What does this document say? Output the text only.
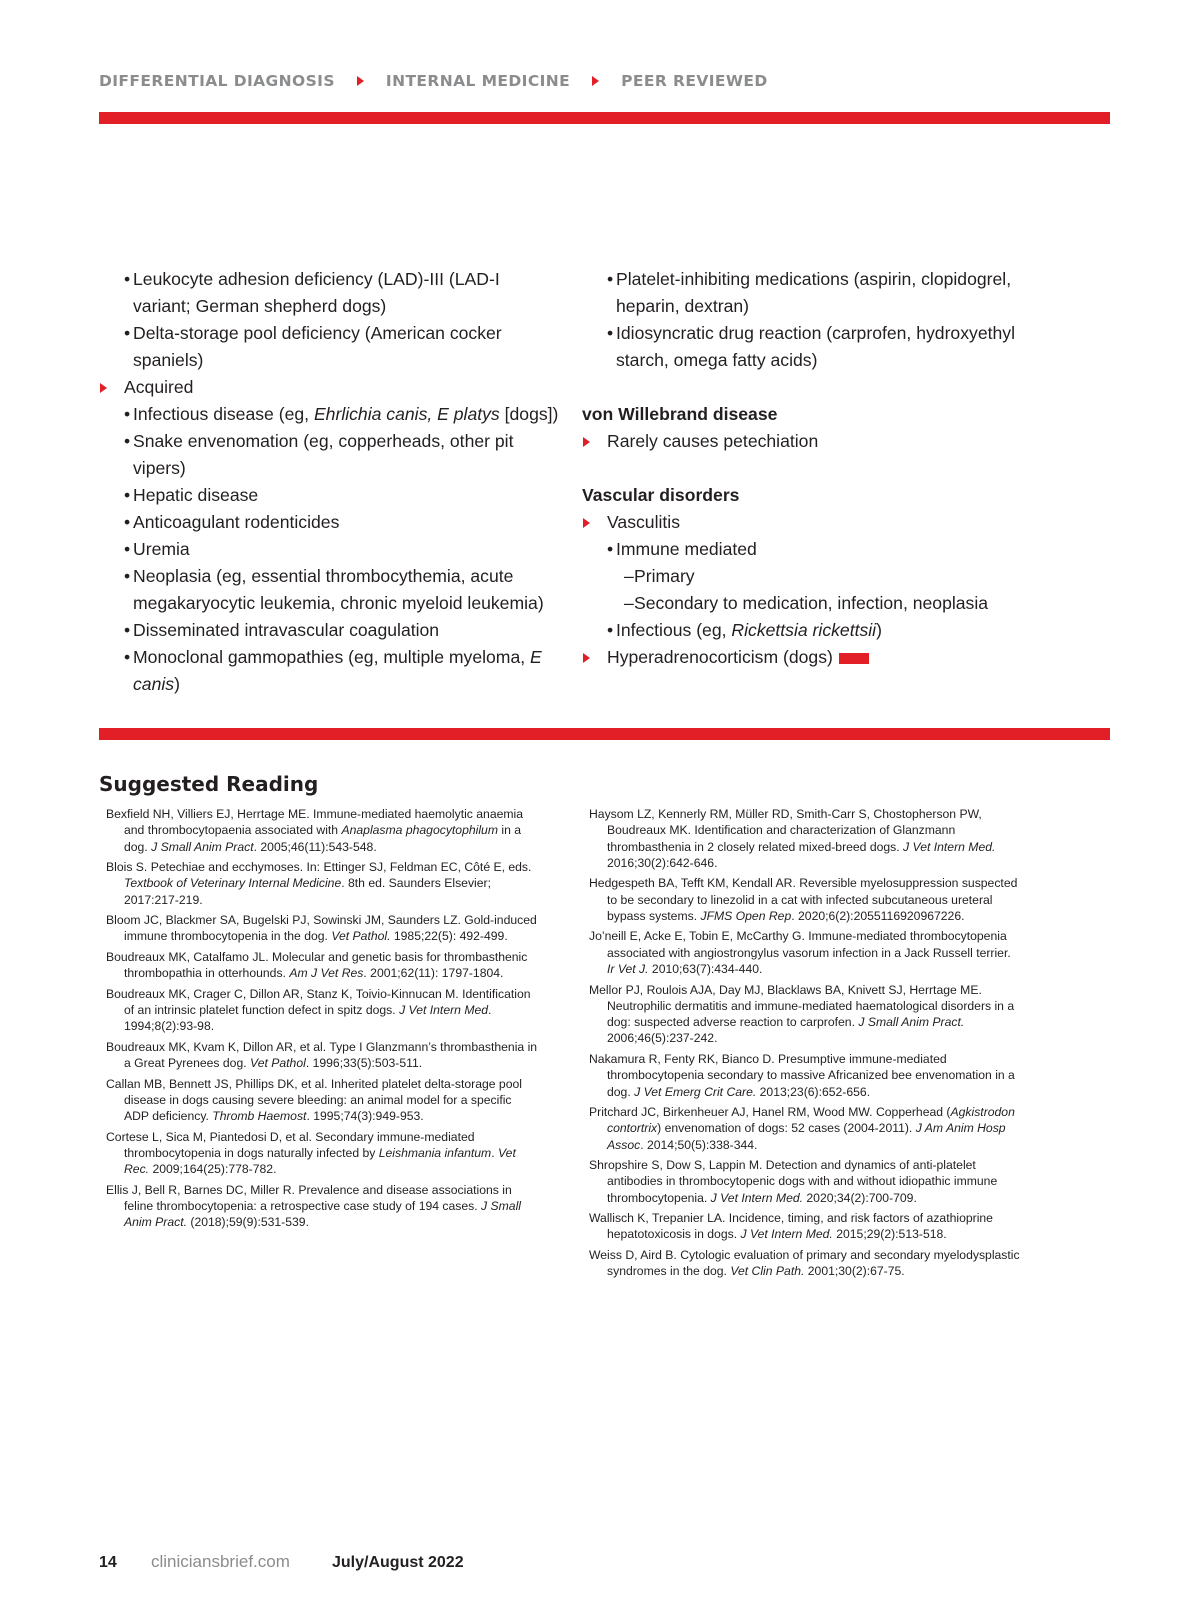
DIFFERENTIAL DIAGNOSIS	INTERNAL MEDICINE	PEER REVIEWED
• Leukocyte adhesion deficiency (LAD)-III (LAD-I variant; German shepherd dogs)
• Delta-storage pool deficiency (American cocker spaniels)
Acquired
• Infectious disease (eg, Ehrlichia canis, E platys [dogs])
• Snake envenomation (eg, copperheads, other pit vipers)
• Hepatic disease
• Anticoagulant rodenticides
• Uremia
• Neoplasia (eg, essential thrombocythemia, acute megakaryocytic leukemia, chronic myeloid leukemia)
• Disseminated intravascular coagulation
• Monoclonal gammopathies (eg, multiple myeloma, E canis)
• Platelet-inhibiting medications (aspirin, clopidogrel, heparin, dextran)
• Idiosyncratic drug reaction (carprofen, hydroxyethyl starch, omega fatty acids)
von Willebrand disease
Rarely causes petechiation
Vascular disorders
Vasculitis
• Immune mediated
– Primary
– Secondary to medication, infection, neoplasia
• Infectious (eg, Rickettsia rickettsii)
Hyperadrenocorticism (dogs)
Suggested Reading
Bexfield NH, Villiers EJ, Herrtage ME. Immune-mediated haemolytic anaemia and thrombocytopaenia associated with Anaplasma phagocytophilum in a dog. J Small Anim Pract. 2005;46(11):543-548.
Blois S. Petechiae and ecchymoses. In: Ettinger SJ, Feldman EC, Côté E, eds. Textbook of Veterinary Internal Medicine. 8th ed. Saunders Elsevier; 2017:217-219.
Bloom JC, Blackmer SA, Bugelski PJ, Sowinski JM, Saunders LZ. Gold-induced immune thrombocytopenia in the dog. Vet Pathol. 1985;22(5): 492-499.
Boudreaux MK, Catalfamo JL. Molecular and genetic basis for thrombasthenic thrombopathia in otterhounds. Am J Vet Res. 2001;62(11): 1797-1804.
Boudreaux MK, Crager C, Dillon AR, Stanz K, Toivio-Kinnucan M. Identification of an intrinsic platelet function defect in spitz dogs. J Vet Intern Med. 1994;8(2):93-98.
Boudreaux MK, Kvam K, Dillon AR, et al. Type I Glanzmann’s thrombasthenia in a Great Pyrenees dog. Vet Pathol. 1996;33(5):503-511.
Callan MB, Bennett JS, Phillips DK, et al. Inherited platelet delta-storage pool disease in dogs causing severe bleeding: an animal model for a specific ADP deficiency. Thromb Haemost. 1995;74(3):949-953.
Cortese L, Sica M, Piantedosi D, et al. Secondary immune-mediated thrombocytopenia in dogs naturally infected by Leishmania infantum. Vet Rec. 2009;164(25):778-782.
Ellis J, Bell R, Barnes DC, Miller R. Prevalence and disease associations in feline thrombocytopenia: a retrospective case study of 194 cases. J Small Anim Pract. (2018);59(9):531-539.
Haysom LZ, Kennerly RM, Müller RD, Smith-Carr S, Chostopherson PW, Boudreaux MK. Identification and characterization of Glanzmann thrombasthenia in 2 closely related mixed-breed dogs. J Vet Intern Med. 2016;30(2):642-646.
Hedgespeth BA, Tefft KM, Kendall AR. Reversible myelosuppression suspected to be secondary to linezolid in a cat with infected subcutaneous ureteral bypass systems. JFMS Open Rep. 2020;6(2):2055116920967226.
Jo’neill E, Acke E, Tobin E, McCarthy G. Immune-mediated thrombocytopenia associated with angiostrongylus vasorum infection in a Jack Russell terrier. Ir Vet J. 2010;63(7):434-440.
Mellor PJ, Roulois AJA, Day MJ, Blacklaws BA, Knivett SJ, Herrtage ME. Neutrophilic dermatitis and immune-mediated haematological disorders in a dog: suspected adverse reaction to carprofen. J Small Anim Pract. 2006;46(5):237-242.
Nakamura R, Fenty RK, Bianco D. Presumptive immune-mediated thrombocytopenia secondary to massive Africanized bee envenomation in a dog. J Vet Emerg Crit Care. 2013;23(6):652-656.
Pritchard JC, Birkenheuer AJ, Hanel RM, Wood MW. Copperhead (Agkistrodon contortrix) envenomation of dogs: 52 cases (2004-2011). J Am Anim Hosp Assoc. 2014;50(5):338-344.
Shropshire S, Dow S, Lappin M. Detection and dynamics of anti-platelet antibodies in thrombocytopenic dogs with and without idiopathic immune thrombocytopenia. J Vet Intern Med. 2020;34(2):700-709.
Wallisch K, Trepanier LA. Incidence, timing, and risk factors of azathioprine hepatotoxicosis in dogs. J Vet Intern Med. 2015;29(2):513-518.
Weiss D, Aird B. Cytologic evaluation of primary and secondary myelodysplastic syndromes in the dog. Vet Clin Path. 2001;30(2):67-75.
14	cliniciansbrief.com	July/August 2022
